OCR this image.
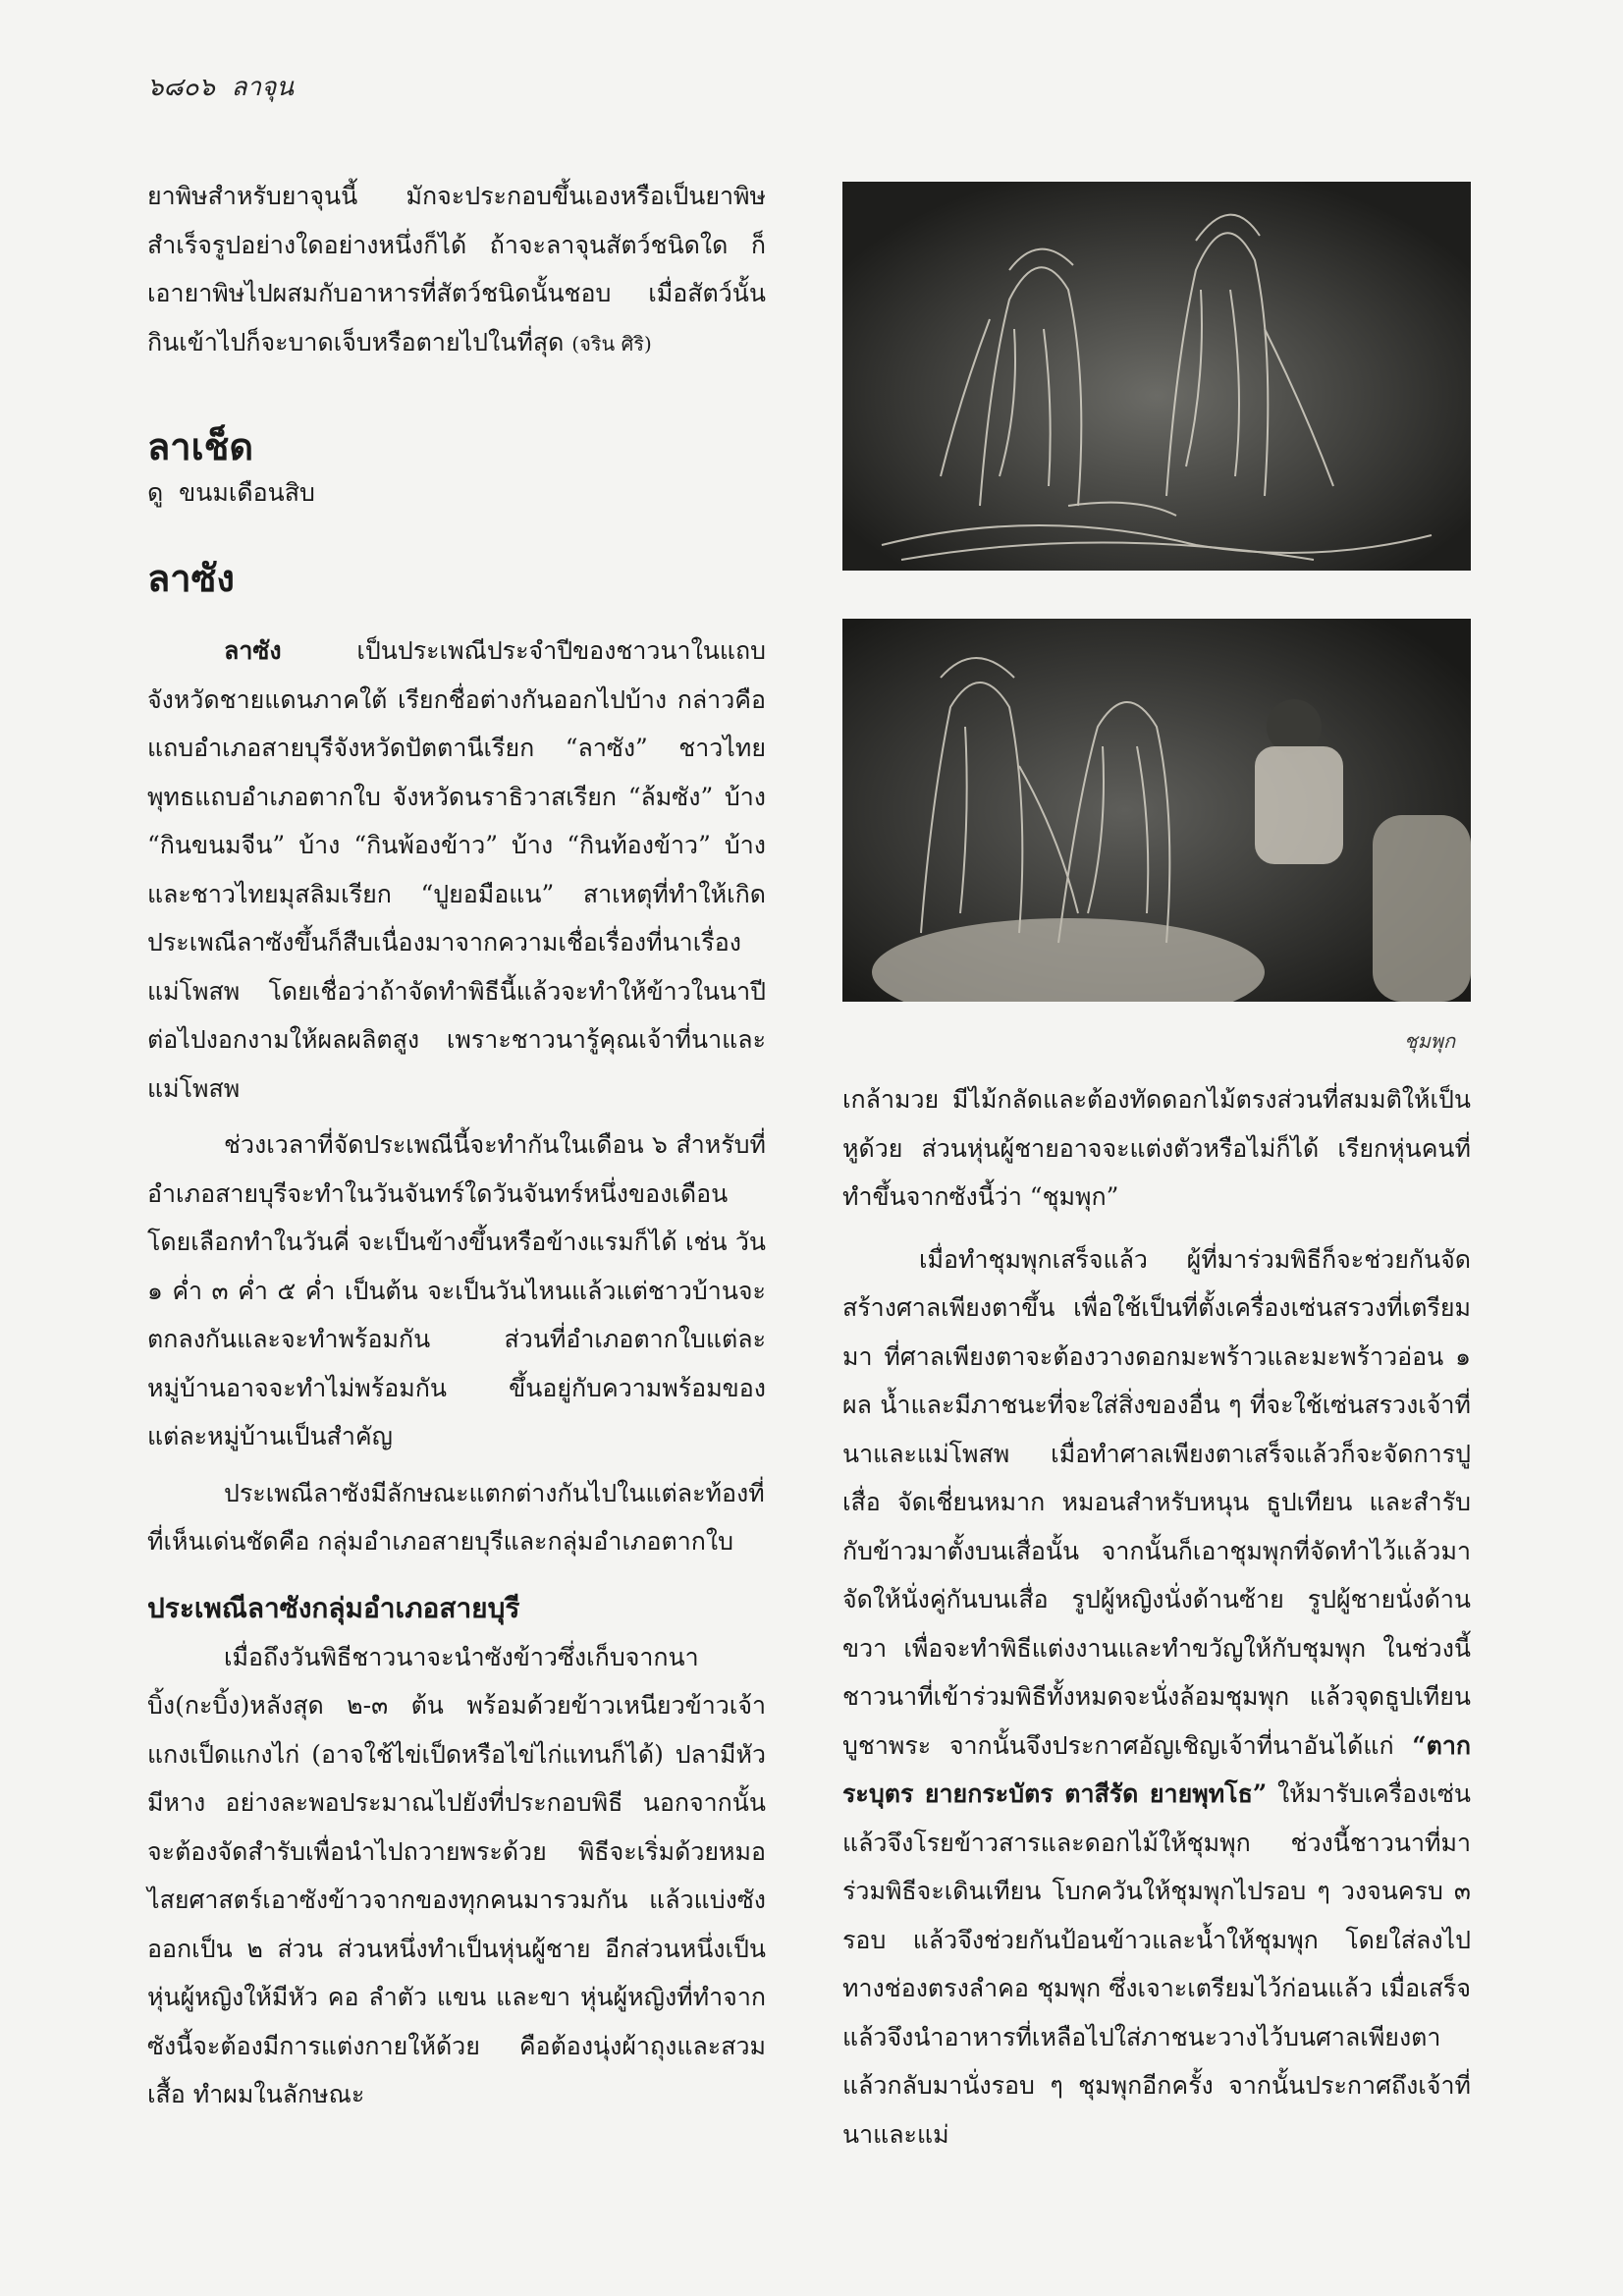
๖๘๐๖ ลาจุน

ยาพิษสำหรับยาจุนนี้ มักจะประกอบขึ้นเองหรือเป็นยาพิษสำเร็จรูปอย่างใดอย่างหนึ่งก็ได้ ถ้าจะลาจุนสัตว์ชนิดใด ก็เอายาพิษไปผสมกับอาหารที่สัตว์ชนิดนั้นชอบ เมื่อสัตว์นั้นกินเข้าไปก็จะบาดเจ็บหรือตายไปในที่สุด (จริน ศิริ)

ลาเช็ด

ดู ขนมเดือนสิบ

ลาซัง

ลาซัง เป็นประเพณีประจำปีของชาวนาในแถบจังหวัดชายแดนภาคใต้ เรียกชื่อต่างกันออกไปบ้าง กล่าวคือ แถบอำเภอสายบุรีจังหวัดปัตตานีเรียก “ลาซัง” ชาวไทยพุทธแถบอำเภอตากใบ จังหวัดนราธิวาสเรียก “ล้มซัง” บ้าง “กินขนมจีน” บ้าง “กินพ้องข้าว” บ้าง “กินท้องข้าว” บ้าง และชาวไทยมุสลิมเรียก “ปูยอมือแน” สาเหตุที่ทำให้เกิดประเพณีลาซังขึ้นก็สืบเนื่องมาจากความเชื่อเรื่องที่นาเรื่องแม่โพสพ โดยเชื่อว่าถ้าจัดทำพิธีนี้แล้วจะทำให้ข้าวในนาปีต่อไปงอกงามให้ผลผลิตสูง เพราะชาวนารู้คุณเจ้าที่นาและแม่โพสพ

ช่วงเวลาที่จัดประเพณีนี้จะทำกันในเดือน ๖ สำหรับที่อำเภอสายบุรีจะทำในวันจันทร์ใดวันจันทร์หนึ่งของเดือน โดยเลือกทำในวันคี่ จะเป็นข้างขึ้นหรือข้างแรมก็ได้ เช่น วัน ๑ ค่ำ ๓ ค่ำ ๕ ค่ำ เป็นต้น จะเป็นวันไหนแล้วแต่ชาวบ้านจะตกลงกันและจะทำพร้อมกัน ส่วนที่อำเภอตากใบแต่ละหมู่บ้านอาจจะทำไม่พร้อมกัน ขึ้นอยู่กับความพร้อมของแต่ละหมู่บ้านเป็นสำคัญ

ประเพณีลาซังมีลักษณะแตกต่างกันไปในแต่ละท้องที่ที่เห็นเด่นชัดคือ กลุ่มอำเภอสายบุรีและกลุ่มอำเภอตากใบ

ประเพณีลาซังกลุ่มอำเภอสายบุรี

เมื่อถึงวันพิธีชาวนาจะนำซังข้าวซึ่งเก็บจากนาบิ้ง(กะบิ้ง)หลังสุด ๒-๓ ต้น พร้อมด้วยข้าวเหนียวข้าวเจ้า แกงเป็ดแกงไก่ (อาจใช้ไข่เป็ดหรือไข่ไก่แทนก็ได้) ปลามีหัวมีหาง อย่างละพอประมาณไปยังที่ประกอบพิธี นอกจากนั้นจะต้องจัดสำรับเพื่อนำไปถวายพระด้วย พิธีจะเริ่มด้วยหมอไสยศาสตร์เอาซังข้าวจากของทุกคนมารวมกัน แล้วแบ่งซังออกเป็น ๒ ส่วน ส่วนหนึ่งทำเป็นหุ่นผู้ชาย อีกส่วนหนึ่งเป็นหุ่นผู้หญิงให้มีหัว คอ ลำตัว แขน และขา หุ่นผู้หญิงที่ทำจากซังนี้จะต้องมีการแต่งกายให้ด้วย คือต้องนุ่งผ้าถุงและสวมเสื้อ ทำผมในลักษณะ

ชุมพุก

เกล้ามวย มีไม้กลัดและต้องทัดดอกไม้ตรงส่วนที่สมมติให้เป็นหูด้วย ส่วนหุ่นผู้ชายอาจจะแต่งตัวหรือไม่ก็ได้ เรียกหุ่นคนที่ทำขึ้นจากซังนี้ว่า “ชุมพุก”

เมื่อทำชุมพุกเสร็จแล้ว ผู้ที่มาร่วมพิธีก็จะช่วยกันจัดสร้างศาลเพียงตาขึ้น เพื่อใช้เป็นที่ตั้งเครื่องเซ่นสรวงที่เตรียมมา ที่ศาลเพียงตาจะต้องวางดอกมะพร้าวและมะพร้าวอ่อน ๑ ผล น้ำและมีภาชนะที่จะใส่สิ่งของอื่น ๆ ที่จะใช้เซ่นสรวงเจ้าที่นาและแม่โพสพ เมื่อทำศาลเพียงตาเสร็จแล้วก็จะจัดการปูเสื่อ จัดเชี่ยนหมาก หมอนสำหรับหนุน ธูปเทียน และสำรับกับข้าวมาตั้งบนเสื่อนั้น จากนั้นก็เอาชุมพุกที่จัดทำไว้แล้วมาจัดให้นั่งคู่กันบนเสื่อ รูปผู้หญิงนั่งด้านซ้าย รูปผู้ชายนั่งด้านขวา เพื่อจะทำพิธีแต่งงานและทำขวัญให้กับชุมพุก ในช่วงนี้ชาวนาที่เข้าร่วมพิธีทั้งหมดจะนั่งล้อมชุมพุก แล้วจุดธูปเทียนบูชาพระ จากนั้นจึงประกาศอัญเชิญเจ้าที่นาอันได้แก่ “ตากระบุตร ยายกระบัตร ตาสีรัด ยายพุทโธ” ให้มารับเครื่องเซ่น แล้วจึงโรยข้าวสารและดอกไม้ให้ชุมพุก ช่วงนี้ชาวนาที่มาร่วมพิธีจะเดินเทียน โบกควันให้ชุมพุกไปรอบ ๆ วงจนครบ ๓ รอบ แล้วจึงช่วยกันป้อนข้าวและน้ำให้ชุมพุก โดยใส่ลงไปทางช่องตรงลำคอ ชุมพุก ซึ่งเจาะเตรียมไว้ก่อนแล้ว เมื่อเสร็จแล้วจึงนำอาหารที่เหลือไปใส่ภาชนะวางไว้บนศาลเพียงตาแล้วกลับมานั่งรอบ ๆ ชุมพุกอีกครั้ง จากนั้นประกาศถึงเจ้าที่นาและแม่
